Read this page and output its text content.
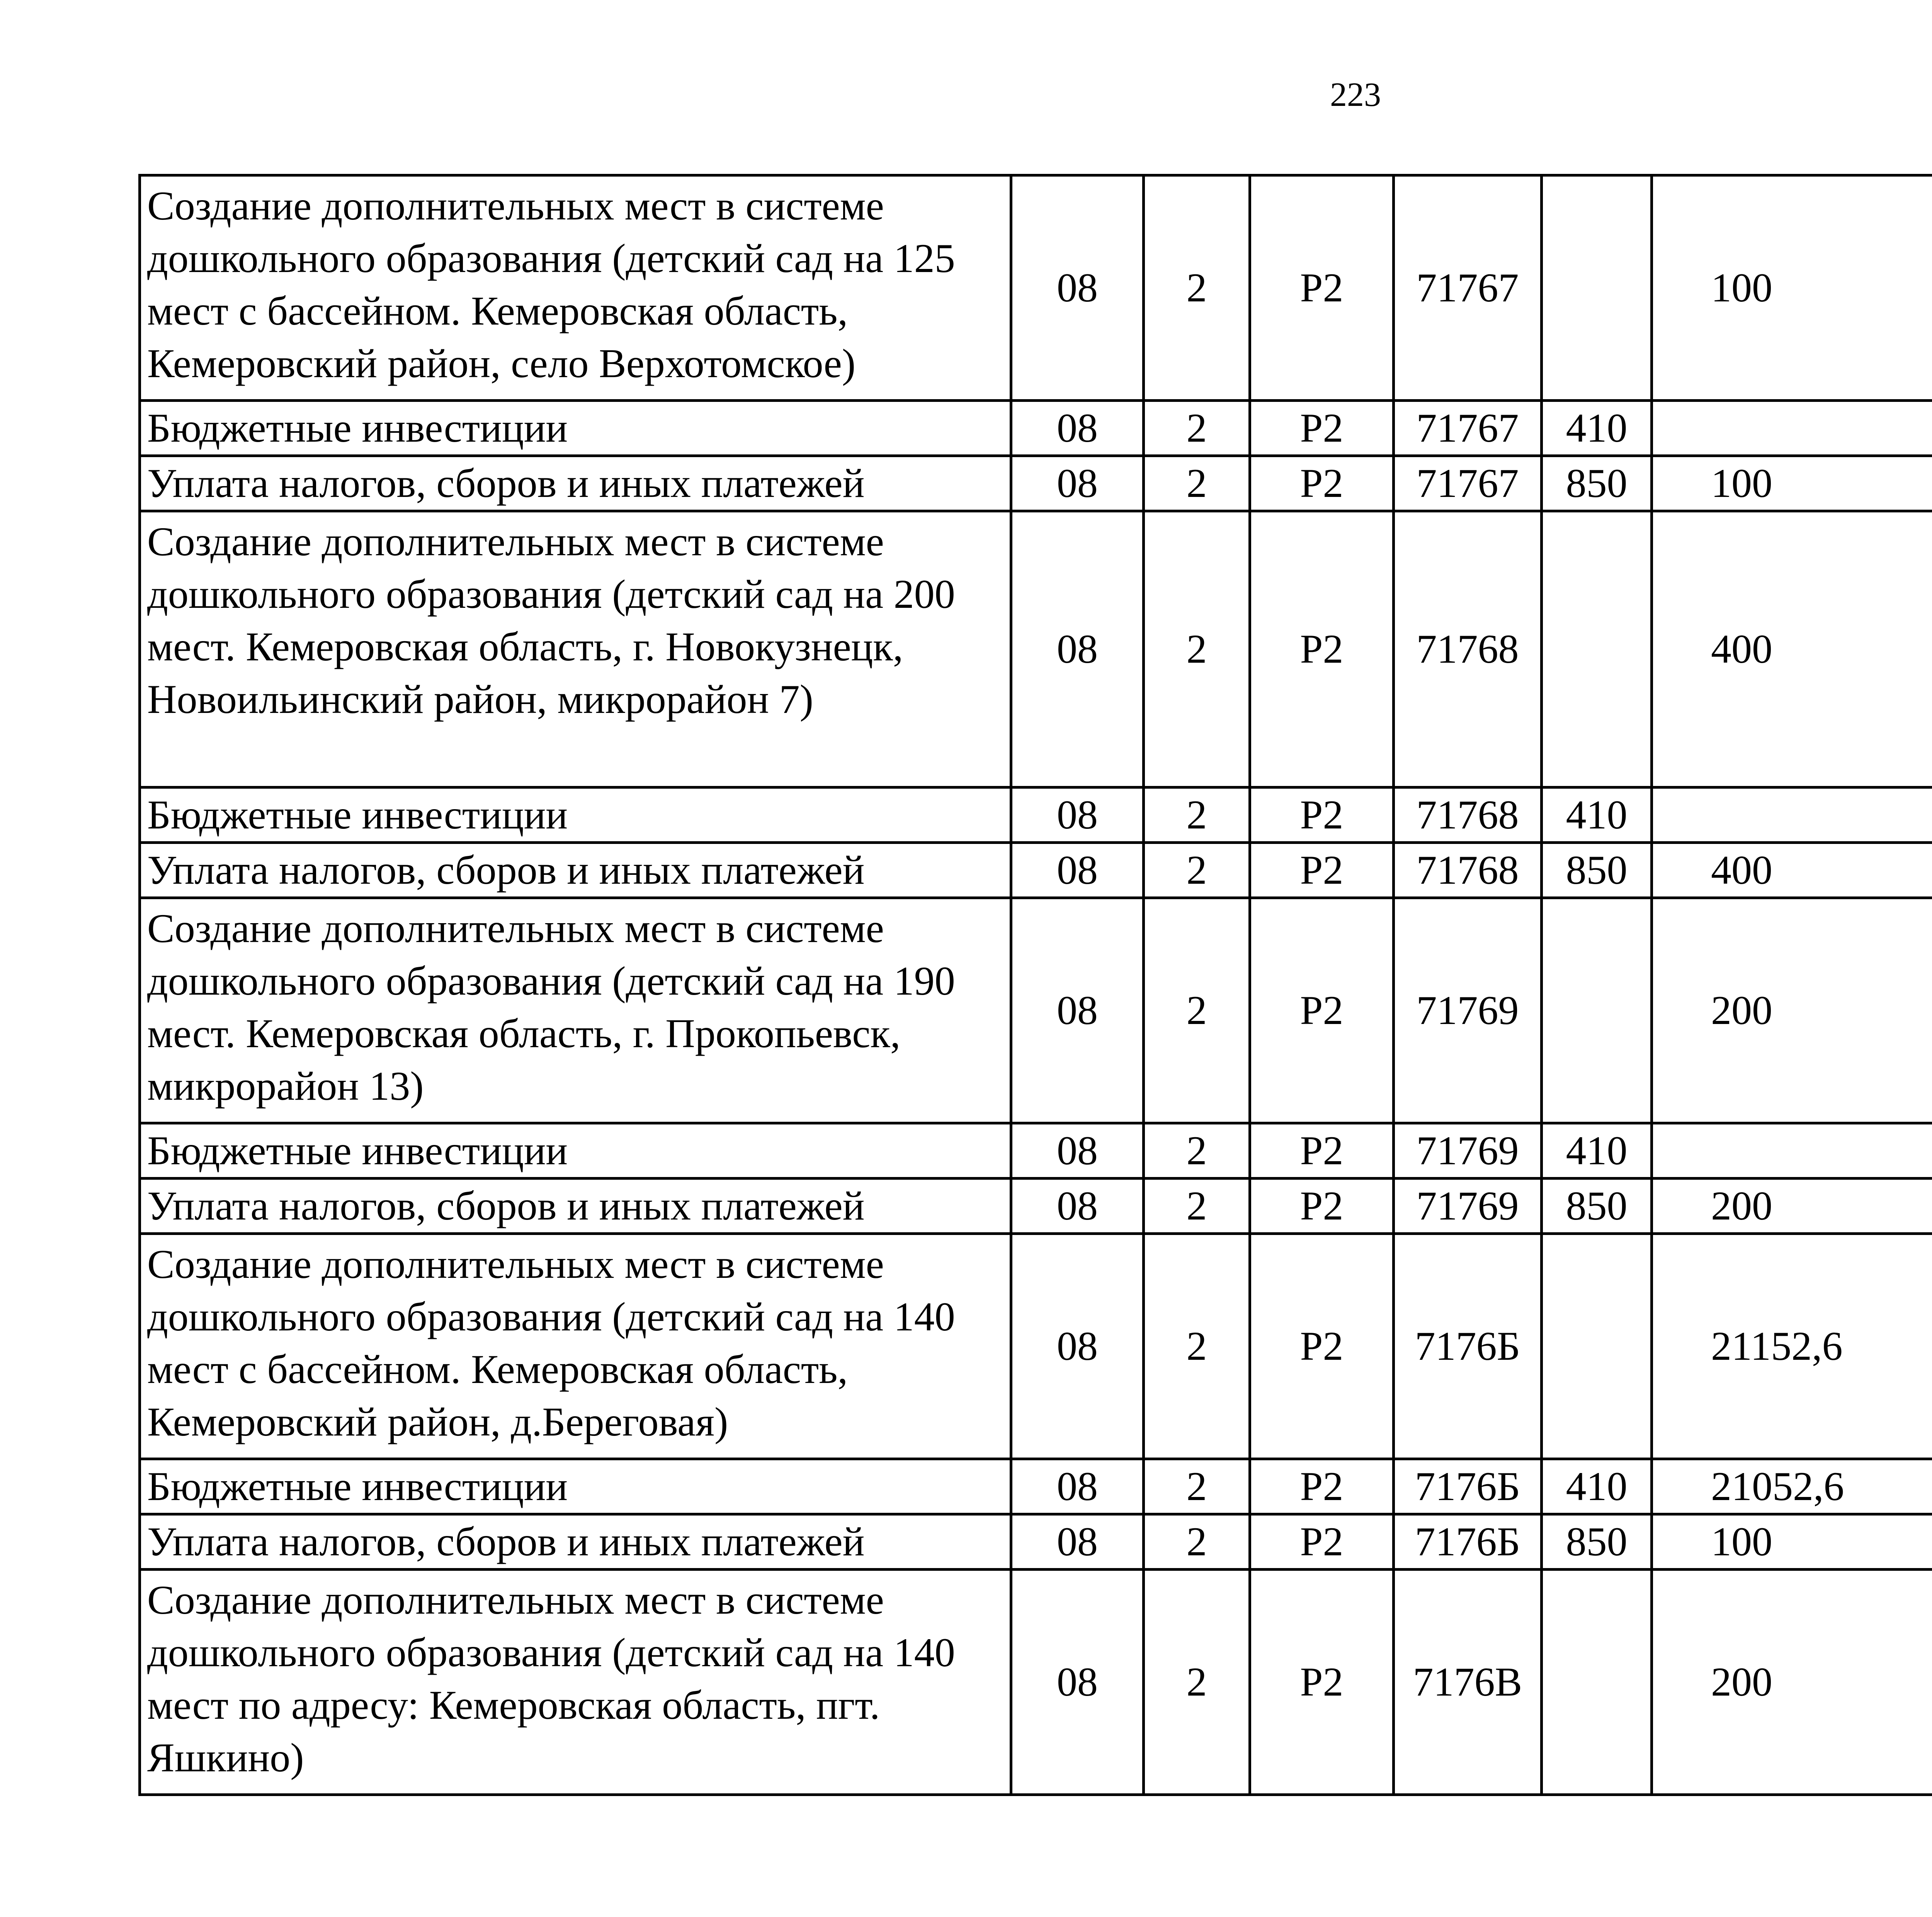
223
Создание дополнительных мест в системе дошкольного образования (детский сад на 125 мест с бассейном. Кемеровская область, Кемеровский район, село Верхотомское)	08	2	P2	71767		100		
Бюджетные инвестиции	08	2	P2	71767	410			
Уплата налогов, сборов и иных платежей	08	2	P2	71767	850	100		
Создание дополнительных мест в системе дошкольного образования (детский сад на 200 мест. Кемеровская область, г. Новокузнецк, Новоильинский район, микрорайон 7)	08	2	P2	71768		400		
Бюджетные инвестиции	08	2	P2	71768	410			
Уплата налогов, сборов и иных платежей	08	2	P2	71768	850	400		
Создание дополнительных мест в системе дошкольного образования (детский сад на 190 мест. Кемеровская область, г. Прокопьевск, микрорайон 13)	08	2	P2	71769		200		
Бюджетные инвестиции	08	2	P2	71769	410			
Уплата налогов, сборов и иных платежей	08	2	P2	71769	850	200		
Создание дополнительных мест в системе дошкольного образования (детский сад на 140 мест с бассейном. Кемеровская область, Кемеровский район, д.Береговая)	08	2	P2	7176Б		21152,6		
Бюджетные инвестиции	08	2	P2	7176Б	410	21052,6		
Уплата налогов, сборов и иных платежей	08	2	P2	7176Б	850	100		
Создание дополнительных мест в системе дошкольного образования (детский сад на 140 мест по адресу: Кемеровская область, пгт. Яшкино)	08	2	P2	7176В		200		
